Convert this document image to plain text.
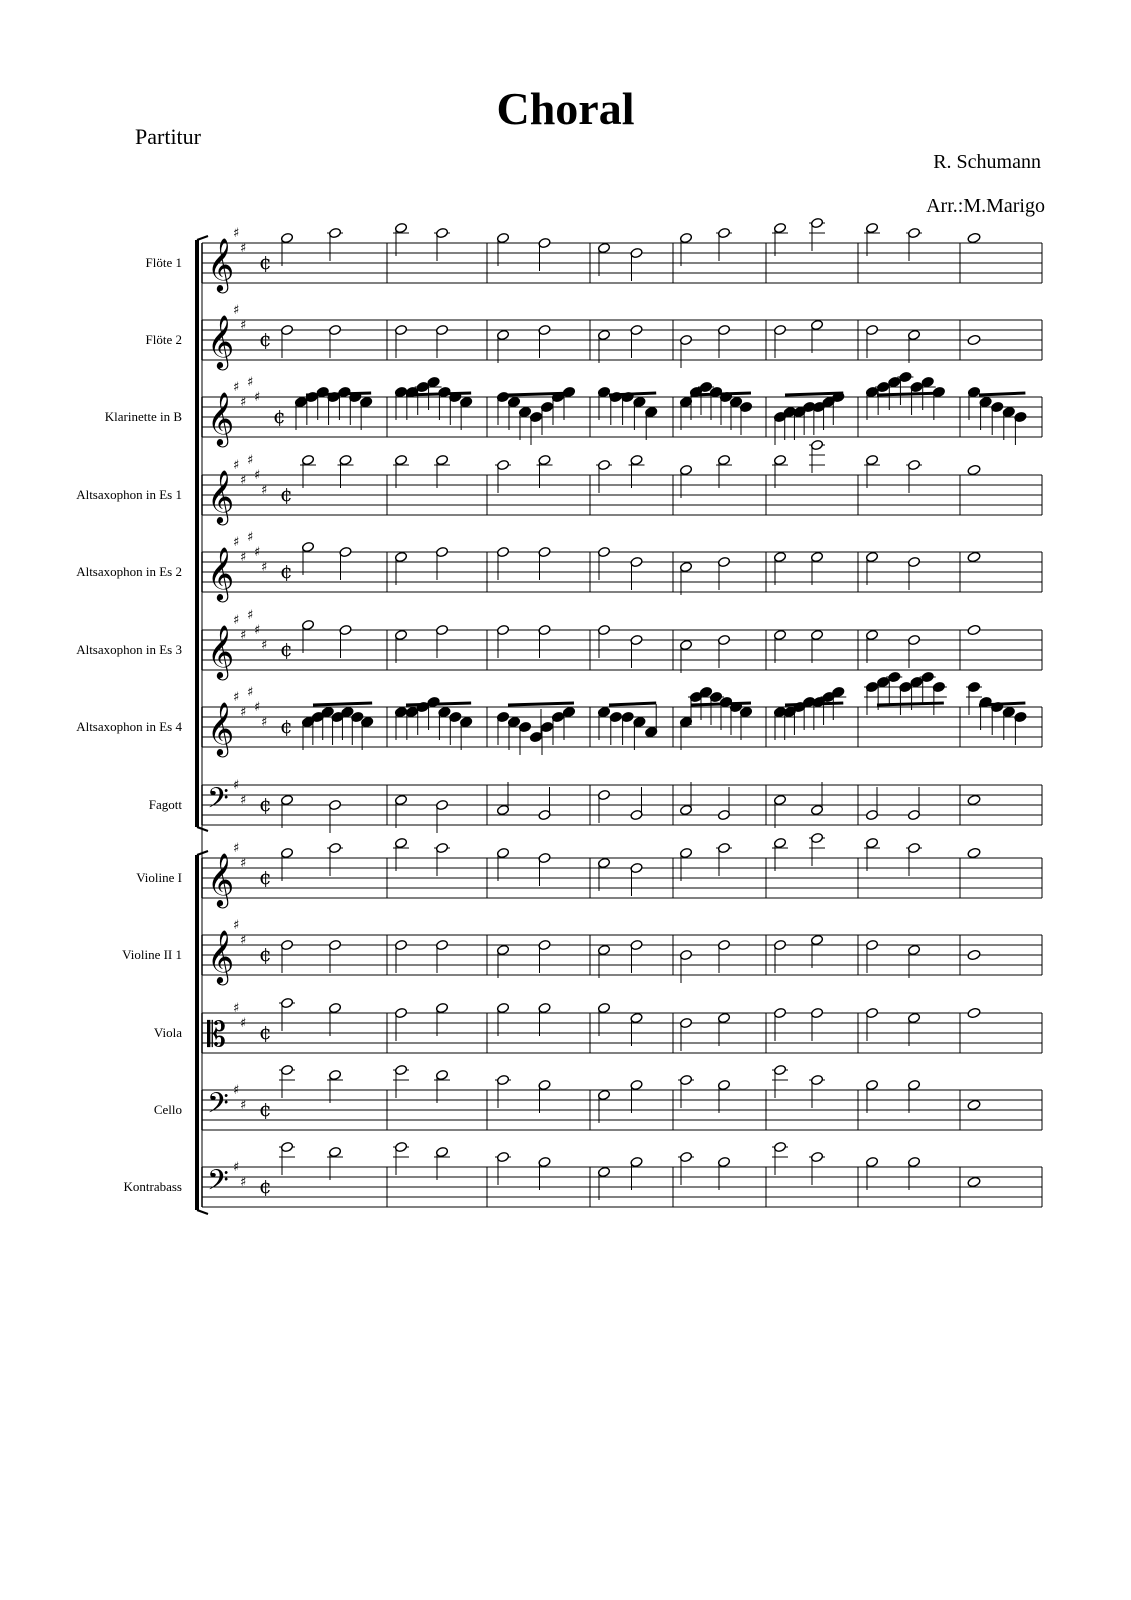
Choral
Partitur
R. Schumann
Arr.:M.Marigo
Flöte 1 𝄞
♯
♯
¢
Flöte 2 𝄞
♯
♯
¢
Klarinette in B 𝄞
♯
♯
♯
♯
¢
Altsaxophon in Es 1 𝄞
♯
♯
♯
♯
♯ ¢
Altsaxophon in Es 2 𝄞
♯
♯
♯
♯
♯ ¢
Altsaxophon in Es 3 𝄞
♯
♯
♯
♯
♯ ¢
Altsaxophon in Es 4 𝄞
♯
♯
♯
♯
♯ ¢
Fagott 𝄢 ♯
♯ ¢
Violine I 𝄞
♯
♯
¢
Violine II 1 𝄞
♯
♯
¢
Viola 𝄡
♯
♯ ¢
Cello 𝄢 ♯
♯ ¢
Kontrabass 𝄢 ♯
♯ ¢
